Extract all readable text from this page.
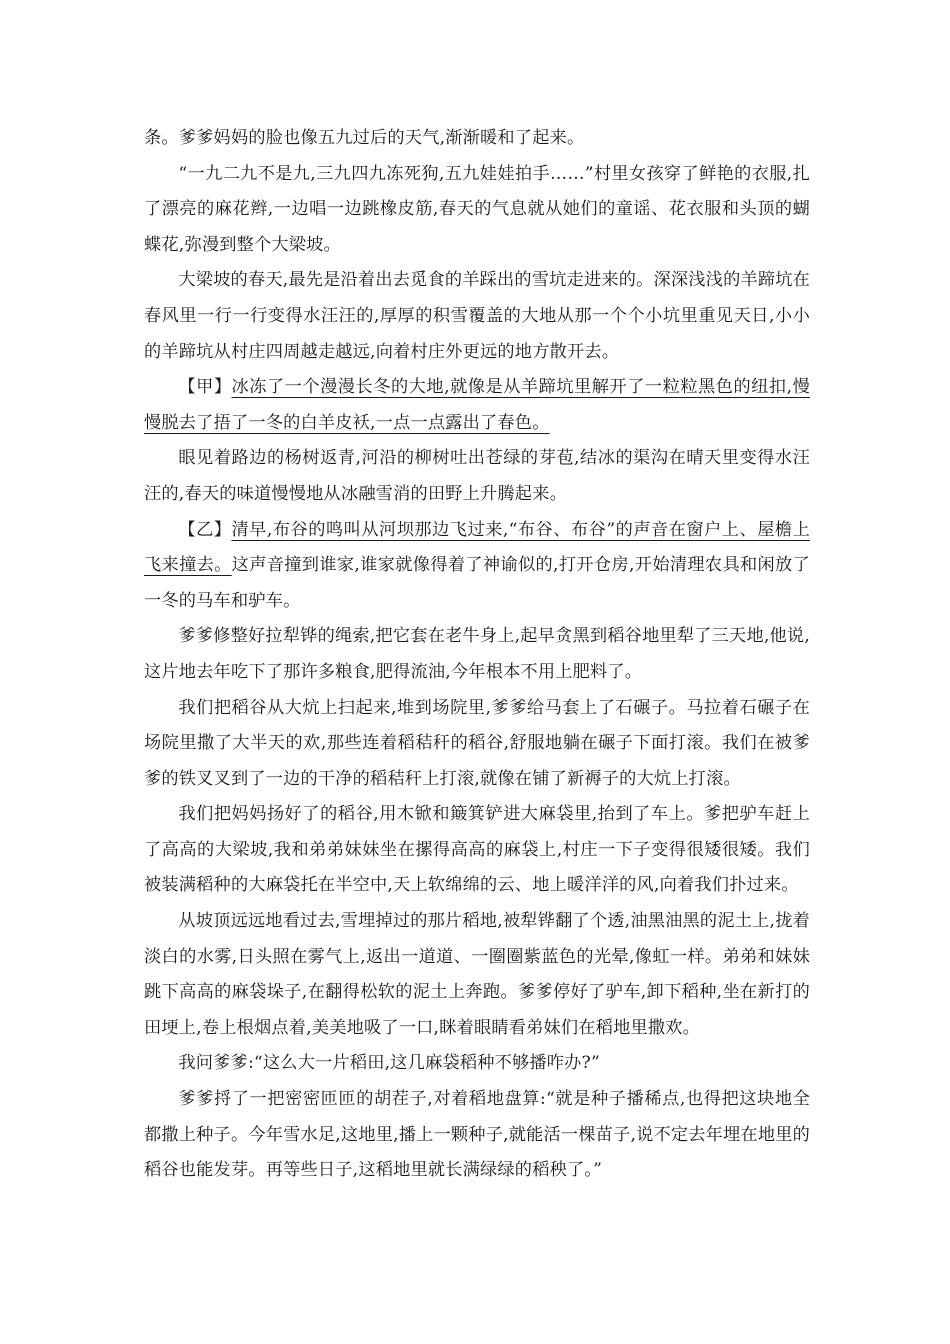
条。爹爹妈妈的脸也像五九过后的天气,渐渐暖和了起来。

“一九二九不是九,三九四九冻死狗,五九娃娃拍手……”村里女孩穿了鲜艳的衣服,扎了漂亮的麻花辫,一边唱一边跳橡皮筋,春天的气息就从她们的童谣、花衣服和头顶的蝴蝶花,弥漫到整个大梁坡。

大梁坡的春天,最先是沿着出去觅食的羊踩出的雪坑走进来的。深深浅浅的羊蹄坑在春风里一行一行变得水汪汪的,厚厚的积雪覆盖的大地从那一个个小坑里重见天日,小小的羊蹄坑从村庄四周越走越远,向着村庄外更远的地方散开去。

【甲】冰冻了一个漫漫长冬的大地,就像是从羊蹄坑里解开了一粒粒黑色的纽扣,慢慢脱去了捂了一冬的白羊皮袄,一点一点露出了春色。

眼见着路边的杨树返青,河沿的柳树吐出苍绿的芽苞,结冰的渠沟在晴天里变得水汪汪的,春天的味道慢慢地从冰融雪消的田野上升腾起来。

【乙】清早,布谷的鸣叫从河坝那边飞过来,“布谷、布谷”的声音在窗户上、屋檐上飞来撞去。这声音撞到谁家,谁家就像得着了神谕似的,打开仓房,开始清理农具和闲放了一冬的马车和驴车。

爹爹修整好拉犁铧的绳索,把它套在老牛身上,起早贪黑到稻谷地里犁了三天地,他说,这片地去年吃下了那许多粮食,肥得流油,今年根本不用上肥料了。

我们把稻谷从大炕上扫起来,堆到场院里,爹爹给马套上了石碾子。马拉着石碾子在场院里撒了大半天的欢,那些连着稻秸秆的稻谷,舒服地躺在碾子下面打滚。我们在被爹爹的铁叉叉到了一边的干净的稻秸秆上打滚,就像在铺了新褥子的大炕上打滚。

我们把妈妈扬好了的稻谷,用木锨和簸箕铲进大麻袋里,抬到了车上。爹把驴车赶上了高高的大梁坡,我和弟弟妹妹坐在摞得高高的麻袋上,村庄一下子变得很矮很矮。我们被装满稻种的大麻袋托在半空中,天上软绵绵的云、地上暖洋洋的风,向着我们扑过来。

从坡顶远远地看过去,雪埋掉过的那片稻地,被犁铧翻了个透,油黑油黑的泥土上,拢着淡白的水雾,日头照在雾气上,返出一道道、一圈圈紫蓝色的光晕,像虹一样。弟弟和妹妹跳下高高的麻袋垛子,在翻得松软的泥土上奔跑。爹爹停好了驴车,卸下稻种,坐在新打的田埂上,卷上根烟点着,美美地吸了一口,眯着眼睛看弟妹们在稻地里撒欢。

我问爹爹:“这么大一片稻田,这几麻袋稻种不够播咋办?”

爹爹捋了一把密密匝匝的胡茬子,对着稻地盘算:“就是种子播稀点,也得把这块地全都撒上种子。今年雪水足,这地里,播上一颗种子,就能活一棵苗子,说不定去年埋在地里的稻谷也能发芽。再等些日子,这稻地里就长满绿绿的稻秧了。”
